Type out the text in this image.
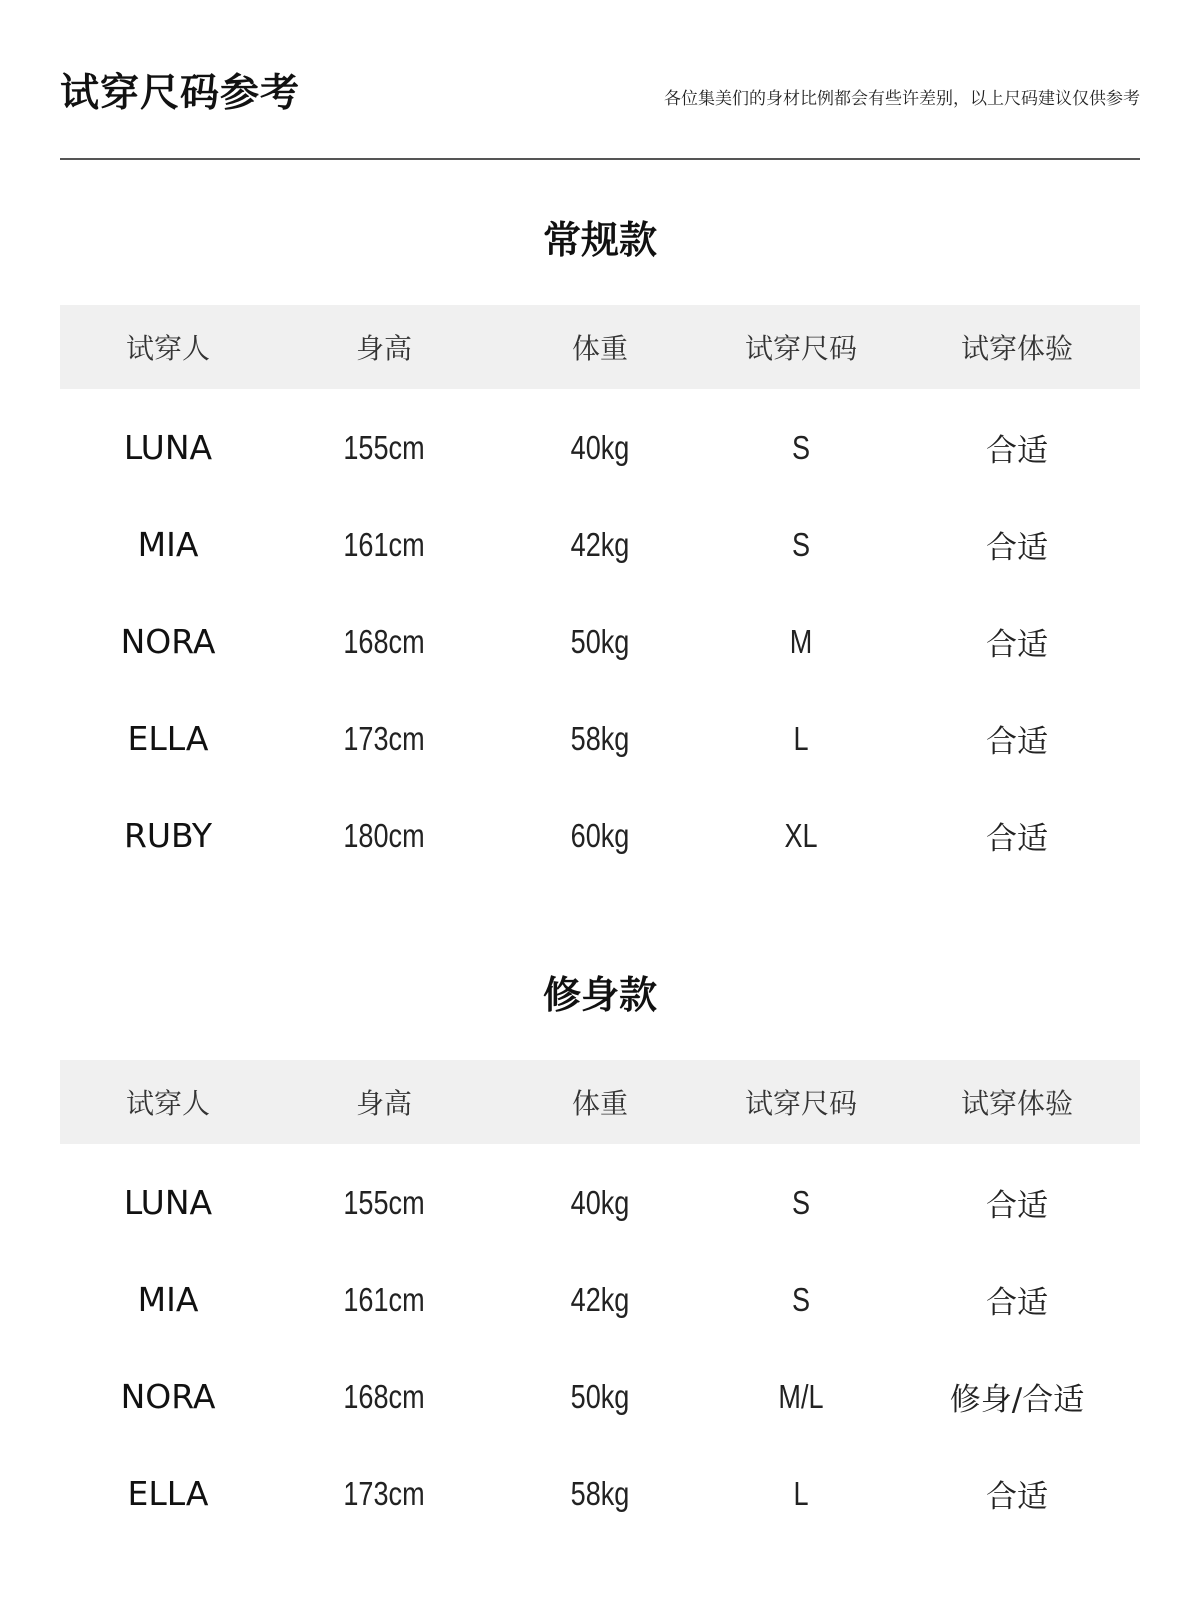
试穿尺码参考	各位集美们的身材比例都会有些许差别，以上尺码建议仅供参考
常规款
试穿人	身高	体重	试穿尺码	试穿体验
LUNA	155cm	40kg	S	合适
MIA	161cm	42kg	S	合适
NORA	168cm	50kg	M	合适
ELLA	173cm	58kg	L	合适
RUBY	180cm	60kg	XL	合适
修身款
试穿人	身高	体重	试穿尺码	试穿体验
LUNA	155cm	40kg	S	合适
MIA	161cm	42kg	S	合适
NORA	168cm	50kg	M/L	修身/合适
ELLA	173cm	58kg	L	合适
